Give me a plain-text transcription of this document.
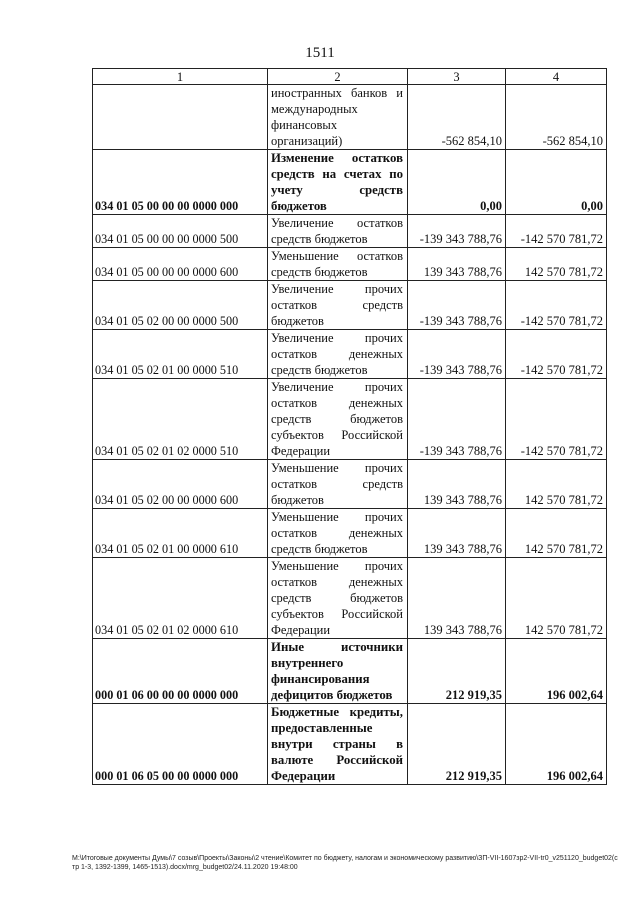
1511
1	2	3	4
	иностранных банков и международных финансовых организаций)	-562 854,10	-562 854,10
034 01 05 00 00 00 0000 000	Изменение остатков средств на счетах по учету средств бюджетов	0,00	0,00
034 01 05 00 00 00 0000 500	Увеличение остатков средств бюджетов	-139 343 788,76	-142 570 781,72
034 01 05 00 00 00 0000 600	Уменьшение остатков средств бюджетов	139 343 788,76	142 570 781,72
034 01 05 02 00 00 0000 500	Увеличение прочих остатков средств бюджетов	-139 343 788,76	-142 570 781,72
034 01 05 02 01 00 0000 510	Увеличение прочих остатков денежных средств бюджетов	-139 343 788,76	-142 570 781,72
034 01 05 02 01 02 0000 510	Увеличение прочих остатков денежных средств бюджетов субъектов Российской Федерации	-139 343 788,76	-142 570 781,72
034 01 05 02 00 00 0000 600	Уменьшение прочих остатков средств бюджетов	139 343 788,76	142 570 781,72
034 01 05 02 01 00 0000 610	Уменьшение прочих остатков денежных средств бюджетов	139 343 788,76	142 570 781,72
034 01 05 02 01 02 0000 610	Уменьшение прочих остатков денежных средств бюджетов субъектов Российской Федерации	139 343 788,76	142 570 781,72
000 01 06 00 00 00 0000 000	Иные источники внутреннего финансирования дефицитов бюджетов	212 919,35	196 002,64
000 01 06 05 00 00 0000 000	Бюджетные кредиты, предоставленные внутри страны в валюте Российской Федерации	212 919,35	196 002,64
M:\Итоговые документы Думы\7 созыв\Проекты\Законы\2 чтение\Комитет по бюджету, налогам и экономическому развитию\ЗП-VII-1607зр2-VII-tr0_v251120_budget02(стр 1-3, 1392-1399, 1465-1513).docx/mrg_budget02/24.11.2020 19:48:00
